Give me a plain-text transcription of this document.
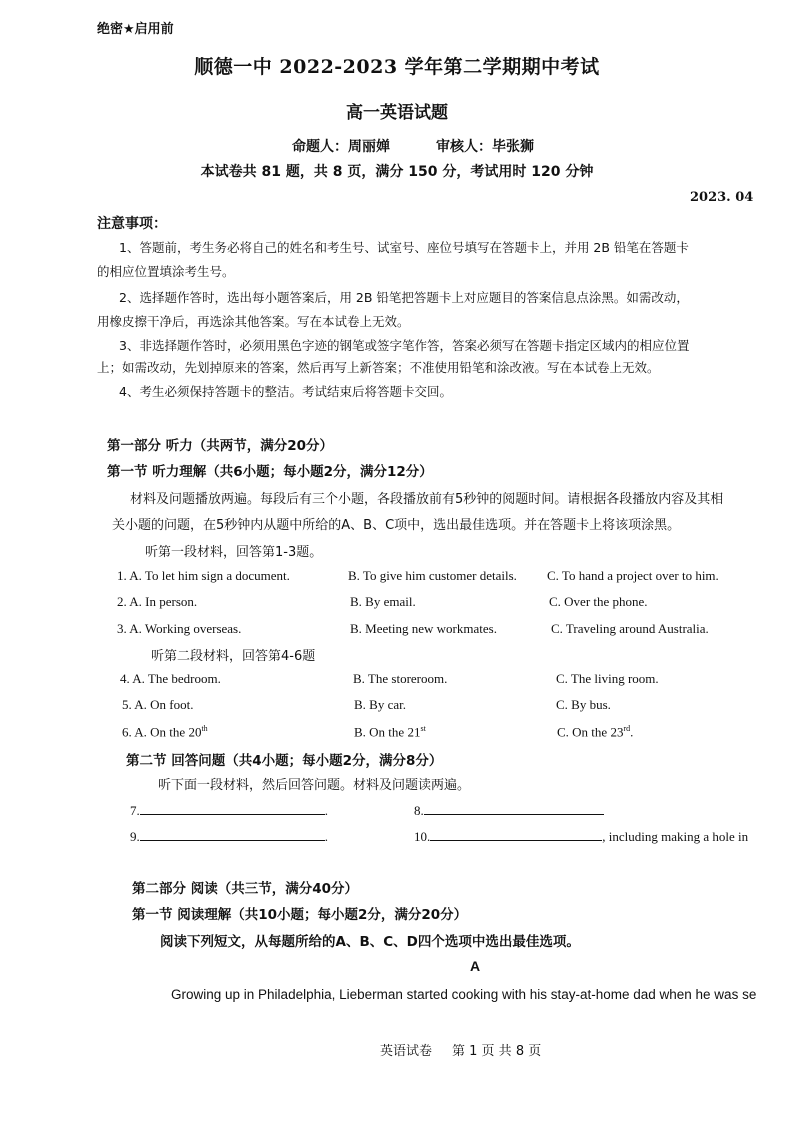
绝密★启用前
顺德一中 2022-2023 学年第二学期期中考试
高一英语试题
命题人：周丽婵	审核人：毕张狮
本试卷共 81 题，共 8 页，满分 150 分，考试用时 120 分钟
2023. 04
注意事项：
1、答题前，考生务必将自己的姓名和考生号、试室号、座位号填写在答题卡上，并用 2B 铅笔在答题卡
的相应位置填涂考生号。
2、选择题作答时，选出每小题答案后，用 2B 铅笔把答题卡上对应题目的答案信息点涂黑。如需改动，
用橡皮擦干净后，再选涂其他答案。写在本试卷上无效。
3、非选择题作答时，必须用黑色字迹的钢笔或签字笔作答，答案必须写在答题卡指定区域内的相应位置
上；如需改动，先划掉原来的答案，然后再写上新答案；不准使用铅笔和涂改液。写在本试卷上无效。
4、考生必须保持答题卡的整洁。考试结束后将答题卡交回。
第一部分 听力（共两节，满分20分）
第一节 听力理解（共6小题；每小题2分，满分12分）
材料及问题播放两遍。每段后有三个小题，各段播放前有5秒钟的阅题时间。请根据各段播放内容及其相
关小题的问题，在5秒钟内从题中所给的A、B、C项中，选出最佳选项。并在答题卡上将该项涂黑。
听第一段材料，回答第1-3题。
1. A. To let him sign a document.	B. To give him customer details. C. To hand a project over to him.
2. A. In person.	B. By email.	C. Over the phone.
3. A. Working overseas.	B. Meeting new workmates.	C. Traveling around Australia.
听第二段材料，回答第4-6题
4. A. The bedroom.	B. The storeroom.	C. The living room.
5. A. On foot.	B. By car.	C. By bus.
6. A. On the 20th	B. On the 21st	C. On the 23rd.
第二节 回答问题（共4小题；每小题2分，满分8分）
听下面一段材料，然后回答问题。材料及问题读两遍。
7.	.	8.
9.	.	10.	, including making a hole in
第二部分 阅读（共三节，满分40分）
第一节 阅读理解（共10小题；每小题2分，满分20分）
阅读下列短文，从每题所给的A、B、C、D四个选项中选出最佳选项。
A
Growing up in Philadelphia, Lieberman started cooking with his stay-at-home dad when he was se
英语试卷 第 1 页 共 8 页
